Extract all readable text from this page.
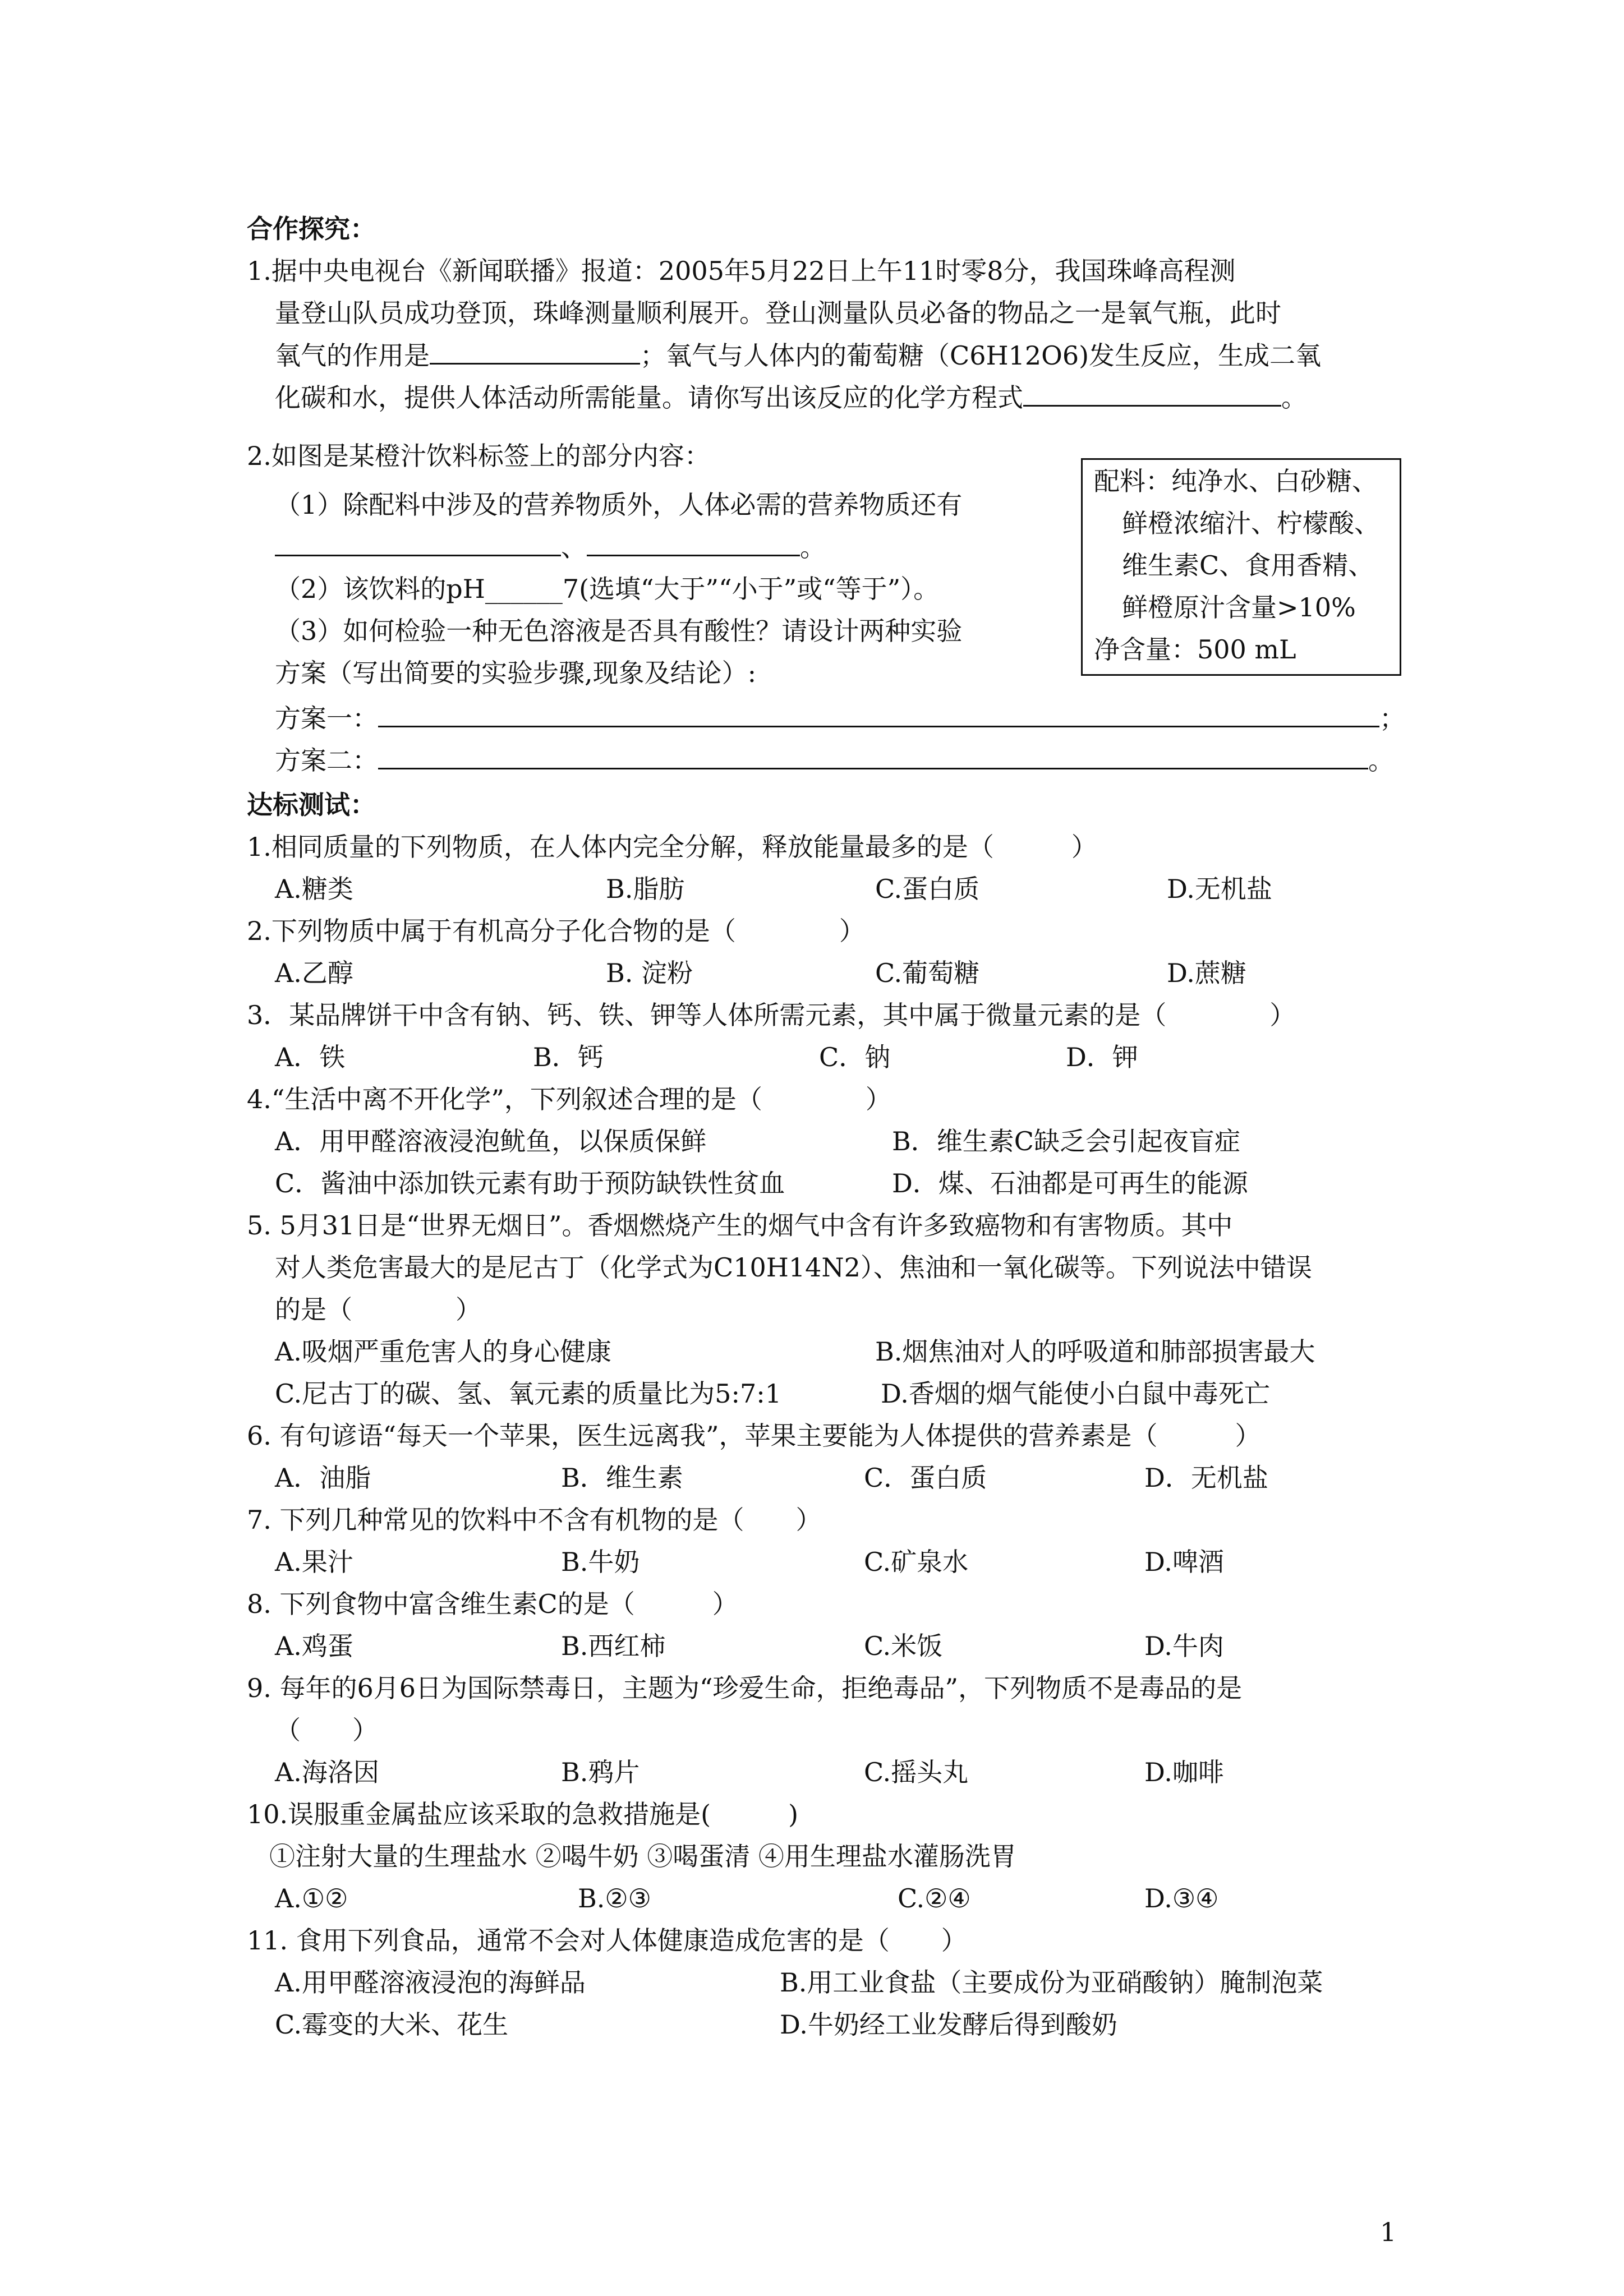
合作探究：
1.据中央电视台《新闻联播》报道：2005年5月22日上午11时零8分，我国珠峰高程测
量登山队员成功登顶，珠峰测量顺利展开。登山测量队员必备的物品之一是氧气瓶，此时
氧气的作用是	；氧气与人体内的葡萄糖（C6H12O6)发生反应，生成二氧
化碳和水，提供人体活动所需能量。请你写出该反应的化学方程式	。
2.如图是某橙汁饮料标签上的部分内容：
（1）除配料中涉及的营养物质外，人体必需的营养物质还有
、	。
（2）该饮料的pH______7(选填“大于”“小于”或“等于”）。
（3）如何检验一种无色溶液是否具有酸性？请设计两种实验
方案（写出简要的实验步骤,现象及结论）:
方案一：	；
方案二：	。
配料：纯净水、白砂糖、
鲜橙浓缩汁、柠檬酸、
维生素C、食用香精、
鲜橙原汁含量>10%
净含量：500 mL
达标测试：
1.相同质量的下列物质，在人体内完全分解，释放能量最多的是（　　　）
A.糖类	B.脂肪	C.蛋白质	D.无机盐
2.下列物质中属于有机高分子化合物的是（　　　　）
A.乙醇	B. 淀粉	C.葡萄糖	D.蔗糖
3．某品牌饼干中含有钠、钙、铁、钾等人体所需元素，其中属于微量元素的是（　　　　）
A．铁	B．钙	C．钠	D．钾
4.“生活中离不开化学”，下列叙述合理的是（　　　　）
A．用甲醛溶液浸泡鱿鱼，以保质保鲜	B．维生素C缺乏会引起夜盲症
C．酱油中添加铁元素有助于预防缺铁性贫血	D．煤、石油都是可再生的能源
5. 5月31日是“世界无烟日”。香烟燃烧产生的烟气中含有许多致癌物和有害物质。其中
对人类危害最大的是尼古丁（化学式为C10H14N2）、焦油和一氧化碳等。下列说法中错误
的是（　　　　）
A.吸烟严重危害人的身心健康	B.烟焦油对人的呼吸道和肺部损害最大
C.尼古丁的碳、氢、氧元素的质量比为5:7:1	D.香烟的烟气能使小白鼠中毒死亡
6. 有句谚语“每天一个苹果，医生远离我”，苹果主要能为人体提供的营养素是（　　　）
A．油脂	B．维生素	C．蛋白质	D．无机盐
7. 下列几种常见的饮料中不含有机物的是（　　）
A.果汁	B.牛奶	C.矿泉水	D.啤酒
8. 下列食物中富含维生素C的是（　　　）
A.鸡蛋	B.西红柿	C.米饭	D.牛肉
9. 每年的6月6日为国际禁毒日，主题为“珍爱生命，拒绝毒品”，下列物质不是毒品的是
（　　）
A.海洛因	B.鸦片	C.摇头丸	D.咖啡
10.误服重金属盐应该采取的急救措施是(　　　)
①注射大量的生理盐水 ②喝牛奶 ③喝蛋清 ④用生理盐水灌肠洗胃
A.①②	B.②③	C.②④	D.③④
11. 食用下列食品，通常不会对人体健康造成危害的是（　　）
A.用甲醛溶液浸泡的海鲜品	B.用工业食盐（主要成份为亚硝酸钠）腌制泡菜
C.霉变的大米、花生	D.牛奶经工业发酵后得到酸奶
1
